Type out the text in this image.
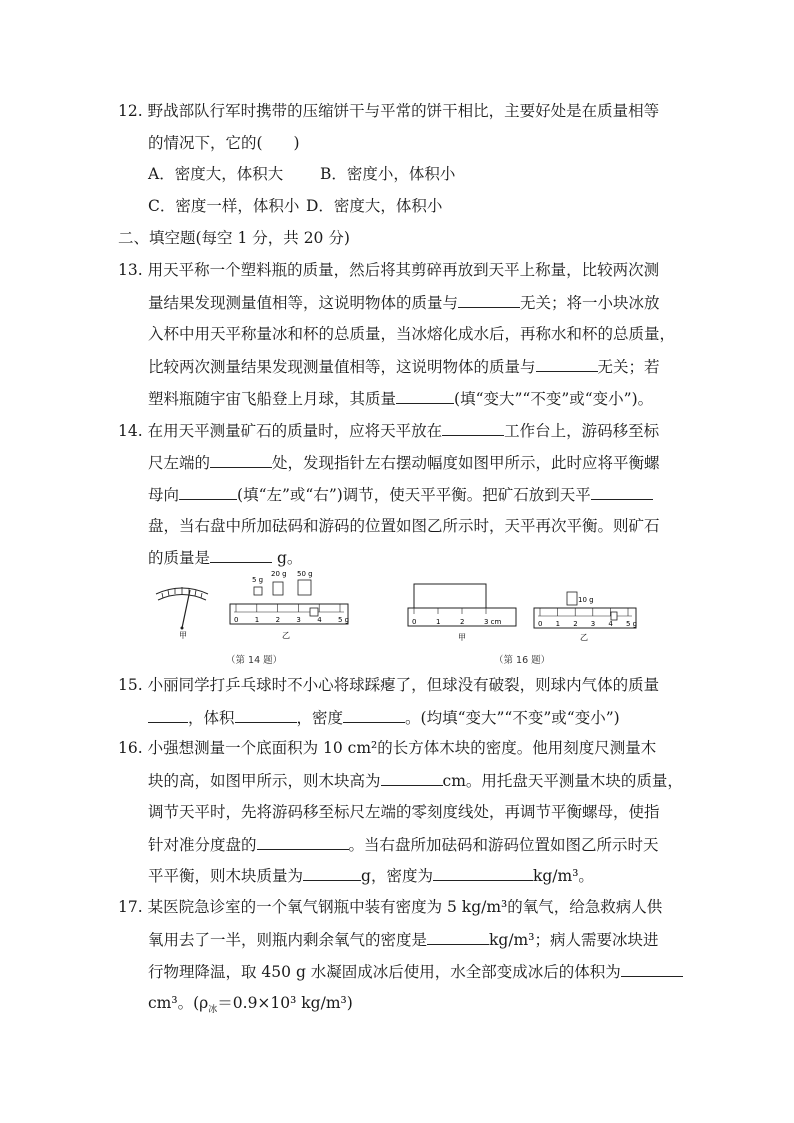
12. 野战部队行军时携带的压缩饼干与平常的饼干相比，主要好处是在质量相等
的情况下，它的(　　)
A．密度大，体积大 B．密度小，体积小
C．密度一样，体积小 D．密度大，体积小
二、填空题(每空 1 分，共 20 分)
13. 用天平称一个塑料瓶的质量，然后将其剪碎再放到天平上称量，比较两次测
量结果发现测量值相等，这说明物体的质量与	无关；将一小块冰放
入杯中用天平称量冰和杯的总质量，当冰熔化成水后，再称水和杯的总质量，
比较两次测量结果发现测量值相等，这说明物体的质量与	无关；若
塑料瓶随宇宙飞船登上月球，其质量	(填“变大”“不变”或“变小”)。
14. 在用天平测量矿石的质量时，应将天平放在	工作台上，游码移至标
尺左端的	处，发现指针左右摆动幅度如图甲所示，此时应将平衡螺
母向	(填“左”或“右”)调节，使天平平衡。把矿石放到天平
盘，当右盘中所加砝码和游码的位置如图乙所示时，天平再次平衡。则矿石
的质量是	g。
甲
5 g
20 g 50 g
0 1 2 3 4 5 g
乙
0	1	2	3 cm
甲
10 g
0 1 2 3 4 5 g
乙
（第 14 题）	（第 16 题）
15. 小丽同学打乒乓球时不小心将球踩瘪了，但球没有破裂，则球内气体的质量
，体积	，密度	。(均填“变大”“不变”或“变小”)
16. 小强想测量一个底面积为 10 cm²的长方体木块的密度。他用刻度尺测量木
块的高，如图甲所示，则木块高为	cm。用托盘天平测量木块的质量，
调节天平时，先将游码移至标尺左端的零刻度线处，再调节平衡螺母，使指
针对准分度盘的	。当右盘所加砝码和游码位置如图乙所示时天
平平衡，则木块质量为	g，密度为	kg/m³。
17. 某医院急诊室的一个氧气钢瓶中装有密度为 5 kg/m³的氧气，给急救病人供
氧用去了一半，则瓶内剩余氧气的密度是	kg/m³；病人需要冰块进
行物理降温，取 450 g 水凝固成冰后使用，水全部变成冰后的体积为
cm³。($\rho_冰=0.9\times 10^3$ kg/m³)
